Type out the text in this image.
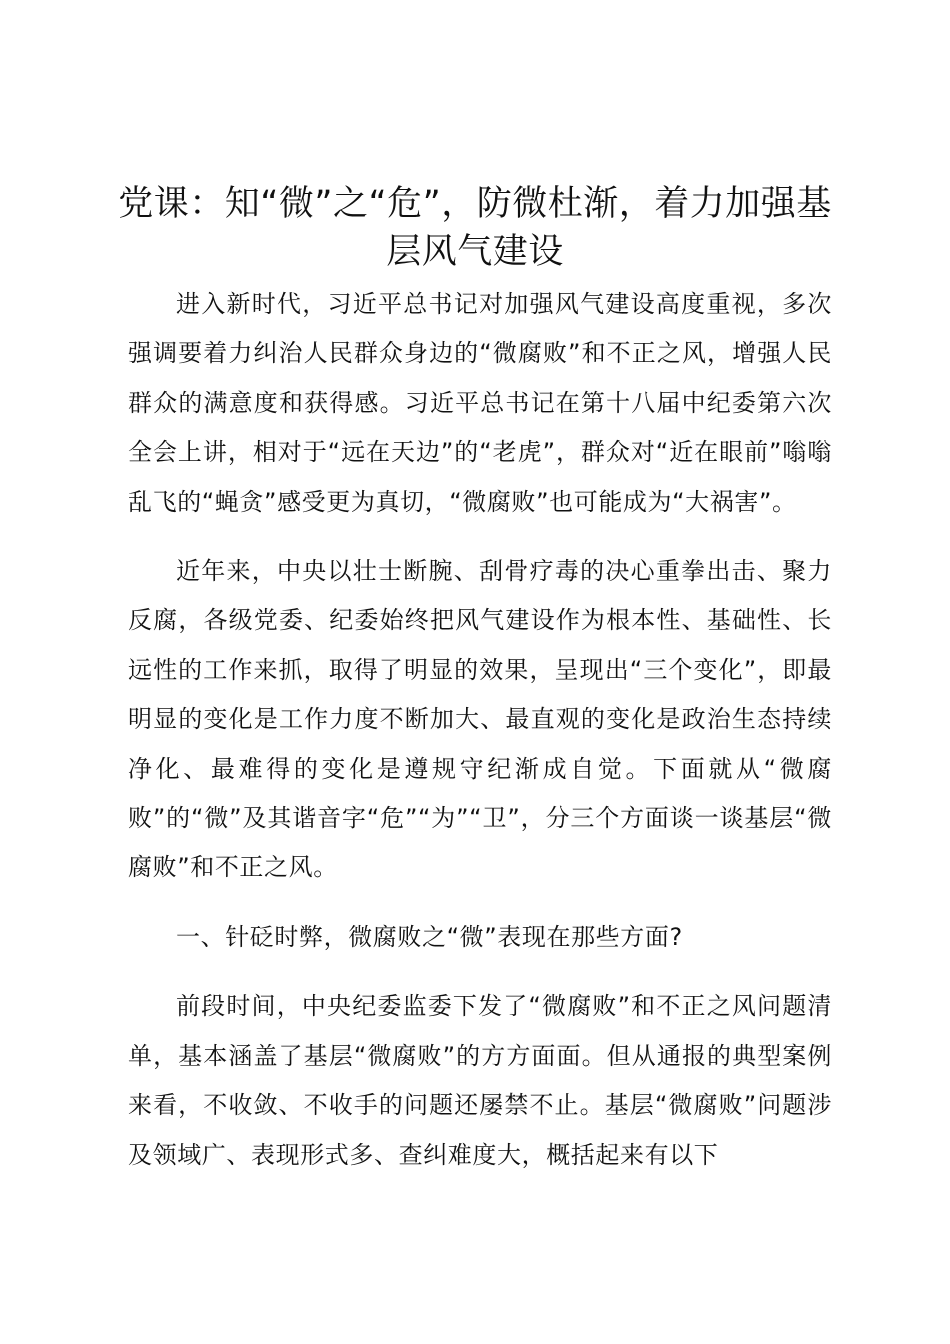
党课：知“微”之“危”，防微杜渐，着力加强基层风气建设

进入新时代，习近平总书记对加强风气建设高度重视，多次强调要着力纠治人民群众身边的“微腐败”和不正之风，增强人民群众的满意度和获得感。习近平总书记在第十八届中纪委第六次全会上讲，相对于“远在天边”的“老虎”，群众对“近在眼前”嗡嗡乱飞的“蝇贪”感受更为真切，“微腐败”也可能成为“大祸害”。

近年来，中央以壮士断腕、刮骨疗毒的决心重拳出击、聚力反腐，各级党委、纪委始终把风气建设作为根本性、基础性、长远性的工作来抓，取得了明显的效果，呈现出“三个变化”，即最明显的变化是工作力度不断加大、最直观的变化是政治生态持续净化、最难得的变化是遵规守纪渐成自觉。下面就从“微腐败”的“微”及其谐音字“危”“为”“卫”，分三个方面谈一谈基层“微腐败”和不正之风。

一、针砭时弊，微腐败之“微”表现在那些方面?

前段时间，中央纪委监委下发了“微腐败”和不正之风问题清单，基本涵盖了基层“微腐败”的方方面面。但从通报的典型案例来看，不收敛、不收手的问题还屡禁不止。基层“微腐败”问题涉及领域广、表现形式多、查纠难度大，概括起来有以下
